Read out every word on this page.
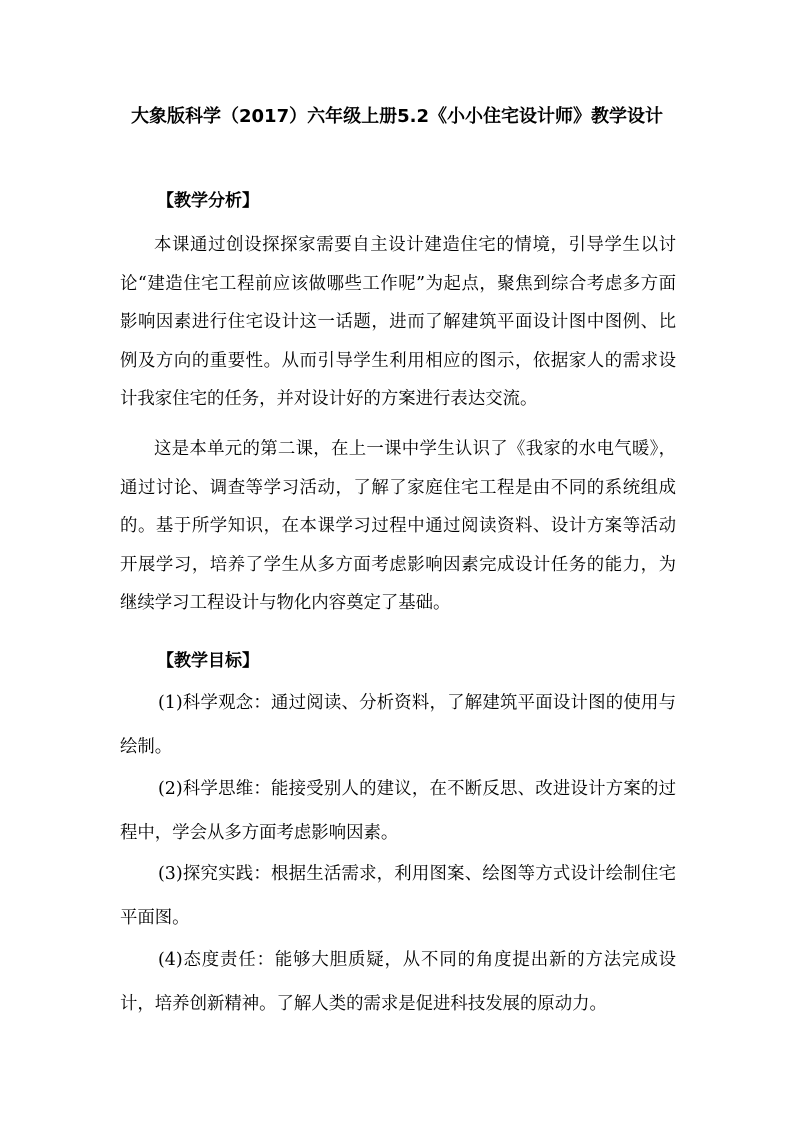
大象版科学（2017）六年级上册5.2《小小住宅设计师》教学设计
【教学分析】
本课通过创设探探家需要自主设计建造住宅的情境，引导学生以讨论“建造住宅工程前应该做哪些工作呢”为起点，聚焦到综合考虑多方面影响因素进行住宅设计这一话题，进而了解建筑平面设计图中图例、比例及方向的重要性。从而引导学生利用相应的图示，依据家人的需求设计我家住宅的任务，并对设计好的方案进行表达交流。
这是本单元的第二课，在上一课中学生认识了《我家的水电气暖》，通过讨论、调查等学习活动，了解了家庭住宅工程是由不同的系统组成的。基于所学知识，在本课学习过程中通过阅读资料、设计方案等活动开展学习，培养了学生从多方面考虑影响因素完成设计任务的能力，为继续学习工程设计与物化内容奠定了基础。
【教学目标】
(1)科学观念：通过阅读、分析资料，了解建筑平面设计图的使用与绘制。
(2)科学思维：能接受别人的建议，在不断反思、改进设计方案的过程中，学会从多方面考虑影响因素。
(3)探究实践：根据生活需求，利用图案、绘图等方式设计绘制住宅平面图。
(4)态度责任：能够大胆质疑，从不同的角度提出新的方法完成设计，培养创新精神。了解人类的需求是促进科技发展的原动力。
